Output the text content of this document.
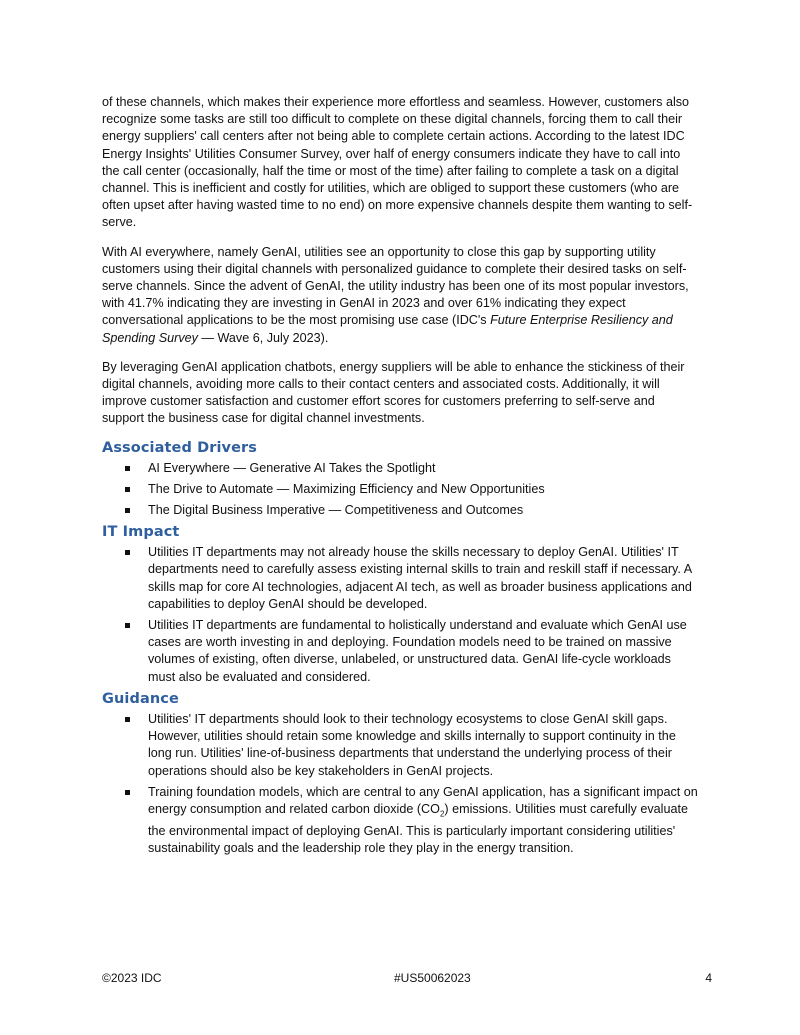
of these channels, which makes their experience more effortless and seamless. However, customers also recognize some tasks are still too difficult to complete on these digital channels, forcing them to call their energy suppliers' call centers after not being able to complete certain actions. According to the latest IDC Energy Insights' Utilities Consumer Survey, over half of energy consumers indicate they have to call into the call center (occasionally, half the time or most of the time) after failing to complete a task on a digital channel. This is inefficient and costly for utilities, which are obliged to support these customers (who are often upset after having wasted time to no end) on more expensive channels despite them wanting to self-serve.

With AI everywhere, namely GenAI, utilities see an opportunity to close this gap by supporting utility customers using their digital channels with personalized guidance to complete their desired tasks on self-serve channels. Since the advent of GenAI, the utility industry has been one of its most popular investors, with 41.7% indicating they are investing in GenAI in 2023 and over 61% indicating they expect conversational applications to be the most promising use case (IDC's Future Enterprise Resiliency and Spending Survey — Wave 6, July 2023).

By leveraging GenAI application chatbots, energy suppliers will be able to enhance the stickiness of their digital channels, avoiding more calls to their contact centers and associated costs. Additionally, it will improve customer satisfaction and customer effort scores for customers preferring to self-serve and support the business case for digital channel investments.

Associated Drivers
AI Everywhere — Generative AI Takes the Spotlight
The Drive to Automate — Maximizing Efficiency and New Opportunities
The Digital Business Imperative — Competitiveness and Outcomes
IT Impact
Utilities IT departments may not already house the skills necessary to deploy GenAI. Utilities' IT departments need to carefully assess existing internal skills to train and reskill staff if necessary. A skills map for core AI technologies, adjacent AI tech, as well as broader business applications and capabilities to deploy GenAI should be developed.
Utilities IT departments are fundamental to holistically understand and evaluate which GenAI use cases are worth investing in and deploying. Foundation models need to be trained on massive volumes of existing, often diverse, unlabeled, or unstructured data. GenAI life-cycle workloads must also be evaluated and considered.
Guidance
Utilities' IT departments should look to their technology ecosystems to close GenAI skill gaps. However, utilities should retain some knowledge and skills internally to support continuity in the long run. Utilities' line-of-business departments that understand the underlying process of their operations should also be key stakeholders in GenAI projects.
Training foundation models, which are central to any GenAI application, has a significant impact on energy consumption and related carbon dioxide $(CO_2)$ emissions. Utilities must carefully evaluate the environmental impact of deploying GenAI. This is particularly important considering utilities' sustainability goals and the leadership role they play in the energy transition.
©2023 IDC	#US50062023	4
